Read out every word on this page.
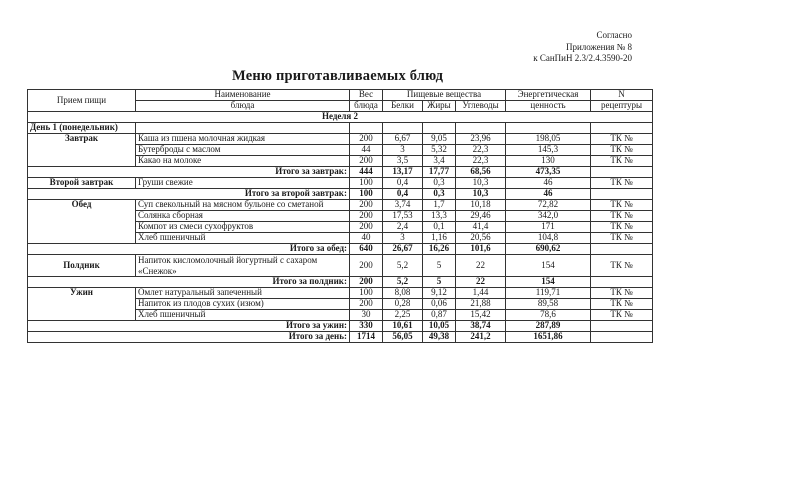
Согласно
Приложения № 8
к СанПиН 2.3/2.4.3590-20
Меню приготавливаемых блюд
Прием пищи	Наименование	Вес	Пищевые вещества			Энергетическая	N
	блюда	блюда	Белки	Жиры	Углеводы	ценность	рецептуры
Неделя 2							
День 1 (понедельник)							
Завтрак	Каша из пшена молочная жидкая	200	6,67	9,05	23,96	198,05	ТК №
	Бутерброды с маслом	44	3	5,32	22,3	145,3	ТК №
	Какао на молоке	200	3,5	3,4	22,3	130	ТК №
Итого за завтрак:		444	13,17	17,77	68,56	473,35	
Второй завтрак	Груши свежие	100	0,4	0,3	10,3	46	ТК №
Итого за второй завтрак:		100	0,4	0,3	10,3	46	
Обед	Суп свекольный на мясном бульоне со сметаной	200	3,74	1,7	10,18	72,82	ТК №
	Солянка сборная	200	17,53	13,3	29,46	342,0	ТК №
	Компот из смеси сухофруктов	200	2,4	0,1	41,4	171	ТК №
	Хлеб пшеничный	40	3	1,16	20,56	104,8	ТК №
Итого за обед:		640	26,67	16,26	101,6	690,62	
Полдник	Напиток кисломолочный йогуртный с сахаром «Снежок»	200	5,2	5	22	154	ТК №
Итого за полдник:		200	5,2	5	22	154	
Ужин	Омлет натуральный запеченный	100	8,08	9,12	1,44	119,71	ТК №
	Напиток из плодов сухих (изюм)	200	0,28	0,06	21,88	89,58	ТК №
	Хлеб пшеничный	30	2,25	0,87	15,42	78,6	ТК №
Итого за ужин:		330	10,61	10,05	38,74	287,89	
Итого за день:		1714	56,05	49,38	241,2	1651,86	
